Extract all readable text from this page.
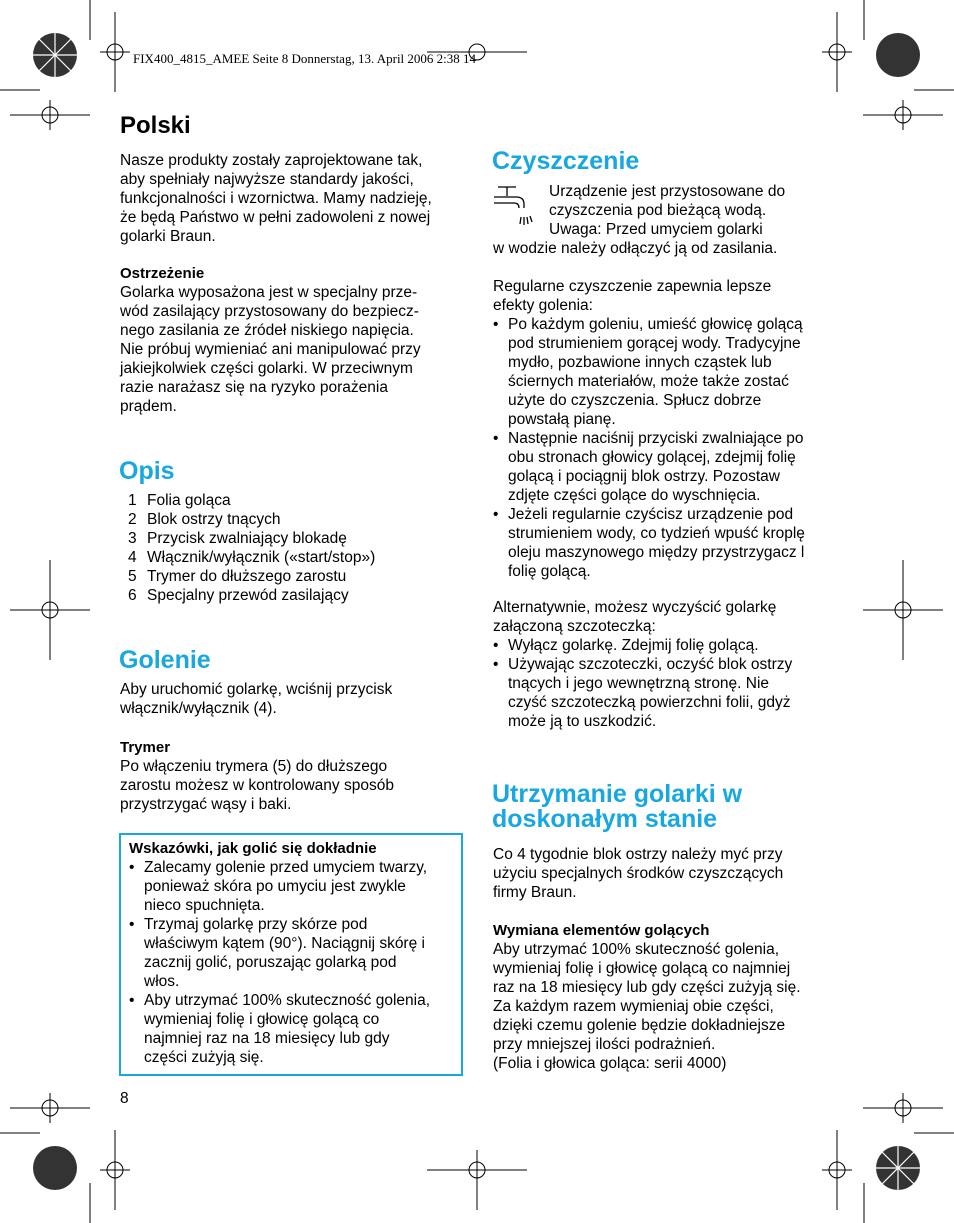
FIX400_4815_AMEE Seite 8 Donnerstag, 13. April 2006 2:38 14
Polski
Nasze produkty zostały zaprojektowane tak,
aby spełniały najwyższe standardy jakości,
funkcjonalności i wzornictwa. Mamy nadzieję,
że będą Państwo w pełni zadowoleni z nowej
golarki Braun.
Ostrzeżenie
Golarka wyposażona jest w specjalny prze-
wód zasilający przystosowany do bezpiecz-
nego zasilania ze źródeł niskiego napięcia.
Nie próbuj wymieniać ani manipulować przy
jakiejkolwiek części golarki. W przeciwnym
razie narażasz się na ryzyko porażenia
prądem.
Opis
1 Folia goląca
2 Blok ostrzy tnących
3 Przycisk zwalniający blokadę
4 Włącznik/wyłącznik («start/stop»)
5 Trymer do dłuższego zarostu
6 Specjalny przewód zasilający
Golenie
Aby uruchomić golarkę, wciśnij przycisk
włącznik/wyłącznik (4).
Trymer
Po włączeniu trymera (5) do dłuższego
zarostu możesz w kontrolowany sposób
przystrzygać wąsy i baki.
Wskazówki, jak golić się dokładnie
• Zalecamy golenie przed umyciem twarzy,
ponieważ skóra po umyciu jest zwykle
nieco spuchnięta.
• Trzymaj golarkę przy skórze pod
właściwym kątem (90°). Naciągnij skórę i
zacznij golić, poruszając golarką pod
włos.
• Aby utrzymać 100% skuteczność golenia,
wymieniaj folię i głowicę golącą co
najmniej raz na 18 miesięcy lub gdy
części zużyją się.
8
Czyszczenie
Urządzenie jest przystosowane do
czyszczenia pod bieżącą wodą.
Uwaga: Przed umyciem golarki
w wodzie należy odłączyć ją od zasilania.
Regularne czyszczenie zapewnia lepsze
efekty golenia:
• Po każdym goleniu, umieść głowicę golącą
pod strumieniem gorącej wody. Tradycyjne
mydło, pozbawione innych cząstek lub
ściernych materiałów, może także zostać
użyte do czyszczenia. Spłucz dobrze
powstałą pianę.
• Następnie naciśnij przyciski zwalniające po
obu stronach głowicy golącej, zdejmij folię
golącą i pociągnij blok ostrzy. Pozostaw
zdjęte części golące do wyschnięcia.
• Jeżeli regularnie czyścisz urządzenie pod
strumieniem wody, co tydzień wpuść kroplę
oleju maszynowego między przystrzygacz l
folię golącą.
Alternatywnie, możesz wyczyścić golarkę
załączoną szczoteczką:
• Wyłącz golarkę. Zdejmij folię golącą.
• Używając szczoteczki, oczyść blok ostrzy
tnących i jego wewnętrzną stronę. Nie
czyść szczoteczką powierzchni folii, gdyż
może ją to uszkodzić.
Utrzymanie golarki w
doskonałym stanie
Co 4 tygodnie blok ostrzy należy myć przy
użyciu specjalnych środków czyszczących
firmy Braun.
Wymiana elementów golących
Aby utrzymać 100% skuteczność golenia,
wymieniaj folię i głowicę golącą co najmniej
raz na 18 miesięcy lub gdy części zużyją się.
Za każdym razem wymieniaj obie części,
dzięki czemu golenie będzie dokładniejsze
przy mniejszej ilości podrażnień.
(Folia i głowica goląca: serii 4000)
